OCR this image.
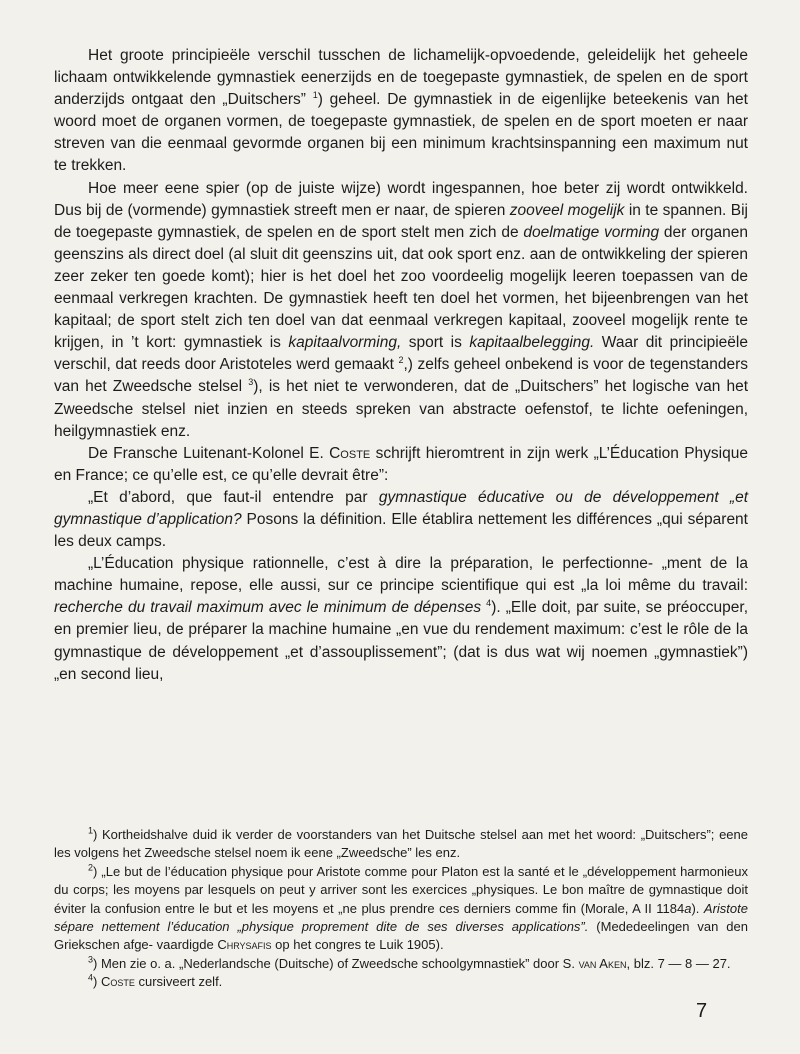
Het groote principieële verschil tusschen de lichamelijk-opvoedende, geleidelijk het geheele lichaam ontwikkelende gymnastiek eenerzijds en de toegepaste gymnastiek, de spelen en de sport anderzijds ontgaat den „Duitschers” $^1$) geheel. De gymnastiek in de eigenlijke beteekenis van het woord moet de organen vormen, de toegepaste gymnastiek, de spelen en de sport moeten er naar streven van die eenmaal gevormde organen bij een minimum krachtsinspanning een maximum nut te trekken.

Hoe meer eene spier (op de juiste wijze) wordt ingespannen, hoe beter zij wordt ontwikkeld. Dus bij de (vormende) gymnastiek streeft men er naar, de spieren zooveel mogelijk in te spannen. Bij de toegepaste gymnastiek, de spelen en de sport stelt men zich de doelmatige vorming der organen geenszins als direct doel (al sluit dit geenszins uit, dat ook sport enz. aan de ontwikkeling der spieren zeer zeker ten goede komt); hier is het doel het zoo voordeelig mogelijk leeren toepassen van de eenmaal verkregen krachten. De gymnastiek heeft ten doel het vormen, het bijeenbrengen van het kapitaal; de sport stelt zich ten doel van dat eenmaal verkregen kapitaal, zooveel mogelijk rente te krijgen, in ’t kort: gymnastiek is kapitaalvorming, sport is kapitaalbelegging. Waar dit principieële verschil, dat reeds door Aristoteles werd gemaakt $^2$,) zelfs geheel onbekend is voor de tegenstanders van het Zweedsche stelsel $^3$), is het niet te verwonderen, dat de „Duitschers” het logische van het Zweedsche stelsel niet inzien en steeds spreken van abstracte oefenstof, te lichte oefeningen, heilgymnastiek enz.

De Fransche Luitenant-Kolonel E. Coste schrijft hieromtrent in zijn werk „L’Éducation Physique en France; ce qu’elle est, ce qu’elle devrait être”:

„Et d’abord, que faut-il entendre par gymnastique éducative ou de développement „et gymnastique d’application? Posons la définition. Elle établira nettement les différences „qui séparent les deux camps.

„L’Éducation physique rationnelle, c’est à dire la préparation, le perfectionne- „ment de la machine humaine, repose, elle aussi, sur ce principe scientifique qui est „la loi même du travail: recherche du travail maximum avec le minimum de dépenses $^4$). „Elle doit, par suite, se préoccuper, en premier lieu, de préparer la machine humaine „en vue du rendement maximum: c’est le rôle de la gymnastique de développement „et d’assouplissement”; (dat is dus wat wij noemen „gymnastiek”) „en second lieu,

$^1$) Kortheidshalve duid ik verder de voorstanders van het Duitsche stelsel aan met het woord: „Duitschers”; eene les volgens het Zweedsche stelsel noem ik eene „Zweedsche” les enz.

$^2$) „Le but de l’éducation physique pour Aristote comme pour Platon est la santé et le „développement harmonieux du corps; les moyens par lesquels on peut y arriver sont les exercices „physiques. Le bon maître de gymnastique doit éviter la confusion entre le but et les moyens et „ne plus prendre ces derniers comme fin (Morale, A II 1184a). Aristote sépare nettement l’éducation „physique proprement dite de ses diverses applications”. (Mededeelingen van den Griekschen afge- vaardigde Chrysafis op het congres te Luik 1905).

$^3$) Men zie o. a. „Nederlandsche (Duitsche) of Zweedsche schoolgymnastiek” door S. van Aken, blz. 7 — 8 — 27.

$^4$) Coste cursiveert zelf.

7
